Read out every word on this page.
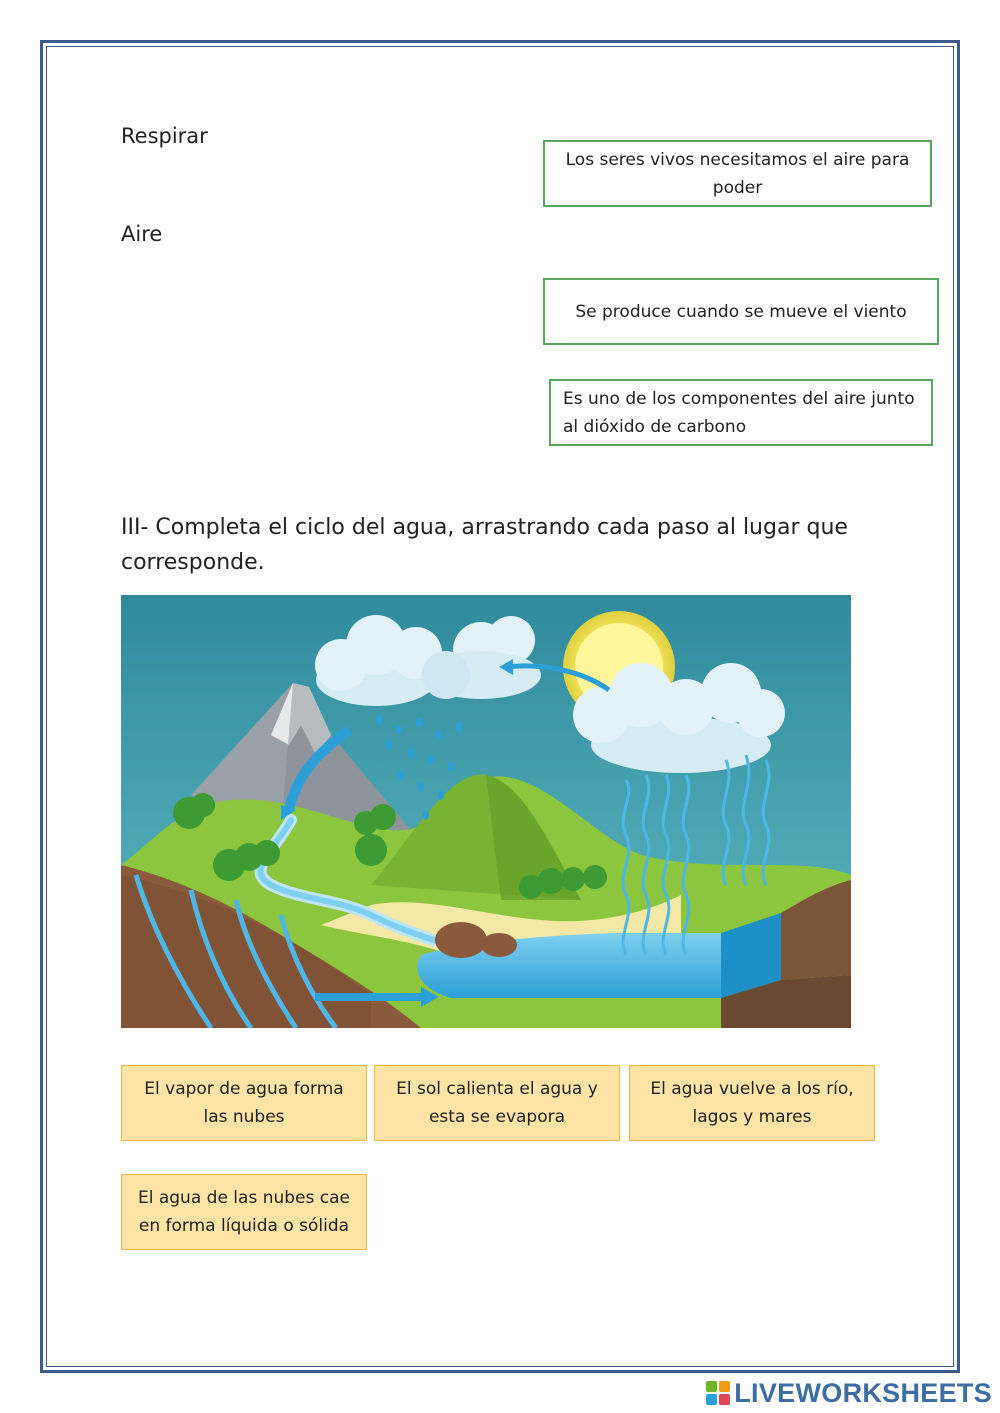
Respirar

Aire

Los seres vivos necesitamos el aire para poder
Se produce cuando se mueve el viento
Es uno de los componentes del aire junto al dióxido de carbono

III- Completa el ciclo del agua, arrastrando cada paso al lugar que corresponde.

El vapor de agua forma las nubes
El sol calienta el agua y esta se evapora
El agua vuelve a los río, lagos y mares
El agua de las nubes cae en forma líquida o sólida
LIVEWORKSHEETS
